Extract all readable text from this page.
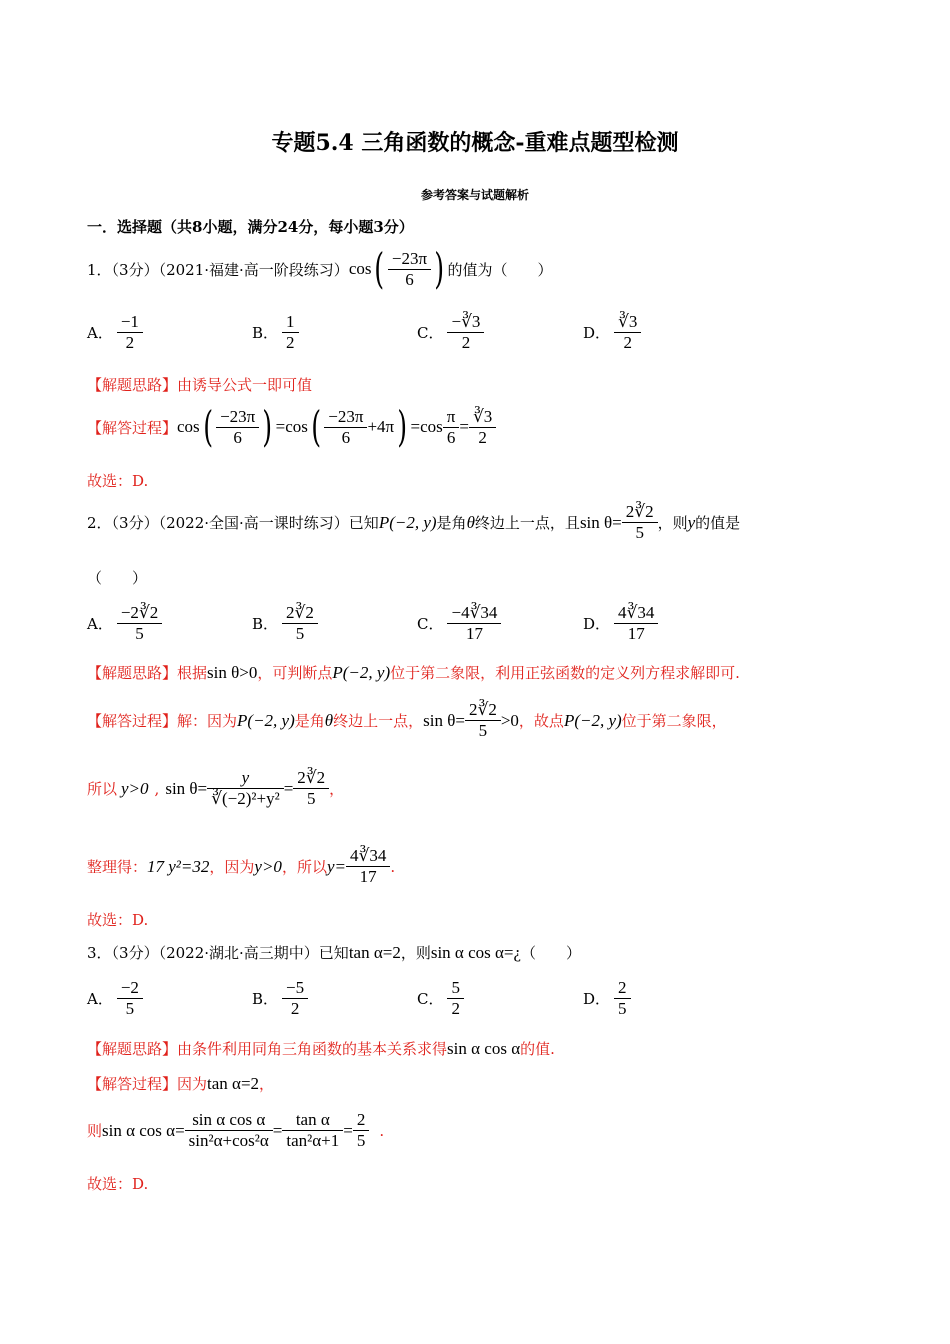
专题5.4 三角函数的概念-重难点题型检测
参考答案与试题解析
一．选择题（共8小题，满分24分，每小题3分）
1．（3分）（2021·福建·高一阶段练习） cos ( $\frac{-23\pi}{6}$ ) 的值为（　　）
A． $\frac{-1}{2}$	B． $\frac{1}{2}$	C． $\frac{-∛3}{2}$	D． $\frac{∛3}{2}$
【解题思路】由诱导公式一即可值
【解答过程】 cos ( $\frac{-23\pi}{6}$ ) =cos ( $\frac{-23\pi}{6} +4\pi$ ) $=\cos \frac{\pi}{6} = \frac{∛3}{2}$
故选：D.
2．（3分）（2022·全国·高一课时练习）已知 P(−2, y) 是角 θ 终边上一点，且 $\sin \theta= \frac{2∛2}{5}$ ，则 y 的值是
（　　）
A． $\frac{-2∛2}{5}$	B． $\frac{2∛2}{5}$	C． $\frac{-4∛34}{17}$	D． $\frac{4∛34}{17}$
【解题思路】 根据 sin θ>0 ，可判断点 P(−2, y) 位于第二象限，利用正弦函数的定义列方程求解即可.
【解答过程】 解：因为 P(−2, y) 是角 θ 终边上一点， $\sin \theta= \frac{2∛2}{5} >0$ ，故点 P(−2, y) 位于第二象限，
所以 y>0 , $\sin \theta= \frac{y}{\text{∛(−2)²+y²}} = \frac{2∛2}{5}$ ，
整理得： 17 y²=32 ，因为 y>0 ，所以 $y= \frac{4∛34}{17}$ .
故选：D.
3．（3分）（2022·湖北·高三期中）已知 tan α=2 ，则 sin α cos α=¿ （　　）
A． $\frac{-2}{5}$	B． $\frac{-5}{2}$	C． $\frac{5}{2}$	D． $\frac{2}{5}$
【解题思路】 由条件利用同角三角函数的基本关系求得 sin α cos α 的值.
【解答过程】 因为 tan α=2 ，
则 sin α $\cos \alpha= \frac{\text{sin α cos α}}{\text{sin²α+cos²α}} = \frac{\text{tan α}}{\text{tan²α+1}} = \frac{2}{5}$ .
故选：D.
